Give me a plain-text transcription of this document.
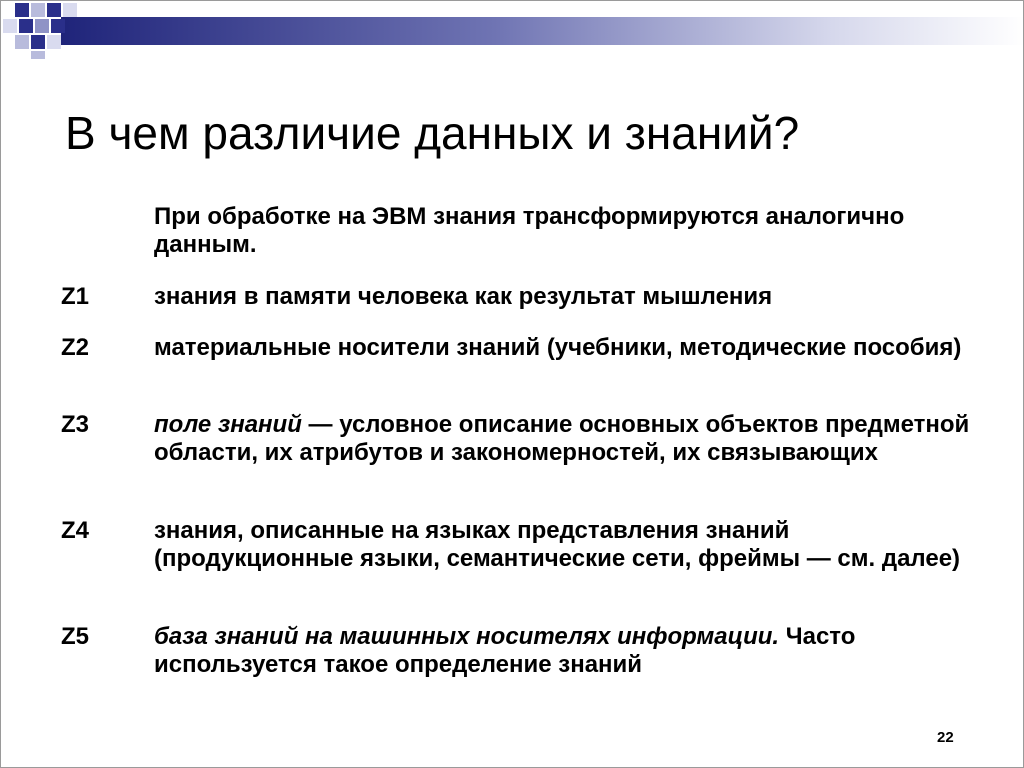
В чем различие данных и знаний?

При обработке на ЭВМ знания трансформируются аналогично данным.

Z1	знания в памяти человека как результат мышления

Z2	материальные носители знаний (учебники, методические пособия)

Z3	поле знаний — условное описание основных объектов предметной области, их атрибутов и закономерностей, их связывающих

Z4	знания, описанные на языках представления знаний (продукционные языки, семантические сети, фреймы — см. далее)

Z5	база знаний на машинных носителях информации. Часто используется такое определение знаний

22
